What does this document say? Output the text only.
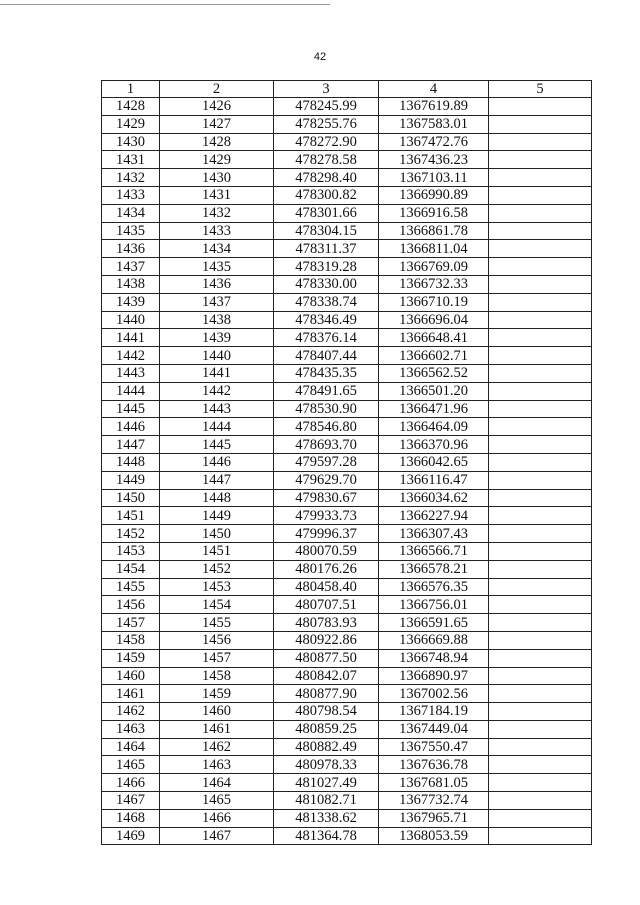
42
1	2	3	4	5
1428	1426	478245.99	1367619.89	
1429	1427	478255.76	1367583.01	
1430	1428	478272.90	1367472.76	
1431	1429	478278.58	1367436.23	
1432	1430	478298.40	1367103.11	
1433	1431	478300.82	1366990.89	
1434	1432	478301.66	1366916.58	
1435	1433	478304.15	1366861.78	
1436	1434	478311.37	1366811.04	
1437	1435	478319.28	1366769.09	
1438	1436	478330.00	1366732.33	
1439	1437	478338.74	1366710.19	
1440	1438	478346.49	1366696.04	
1441	1439	478376.14	1366648.41	
1442	1440	478407.44	1366602.71	
1443	1441	478435.35	1366562.52	
1444	1442	478491.65	1366501.20	
1445	1443	478530.90	1366471.96	
1446	1444	478546.80	1366464.09	
1447	1445	478693.70	1366370.96	
1448	1446	479597.28	1366042.65	
1449	1447	479629.70	1366116.47	
1450	1448	479830.67	1366034.62	
1451	1449	479933.73	1366227.94	
1452	1450	479996.37	1366307.43	
1453	1451	480070.59	1366566.71	
1454	1452	480176.26	1366578.21	
1455	1453	480458.40	1366576.35	
1456	1454	480707.51	1366756.01	
1457	1455	480783.93	1366591.65	
1458	1456	480922.86	1366669.88	
1459	1457	480877.50	1366748.94	
1460	1458	480842.07	1366890.97	
1461	1459	480877.90	1367002.56	
1462	1460	480798.54	1367184.19	
1463	1461	480859.25	1367449.04	
1464	1462	480882.49	1367550.47	
1465	1463	480978.33	1367636.78	
1466	1464	481027.49	1367681.05	
1467	1465	481082.71	1367732.74	
1468	1466	481338.62	1367965.71	
1469	1467	481364.78	1368053.59	
